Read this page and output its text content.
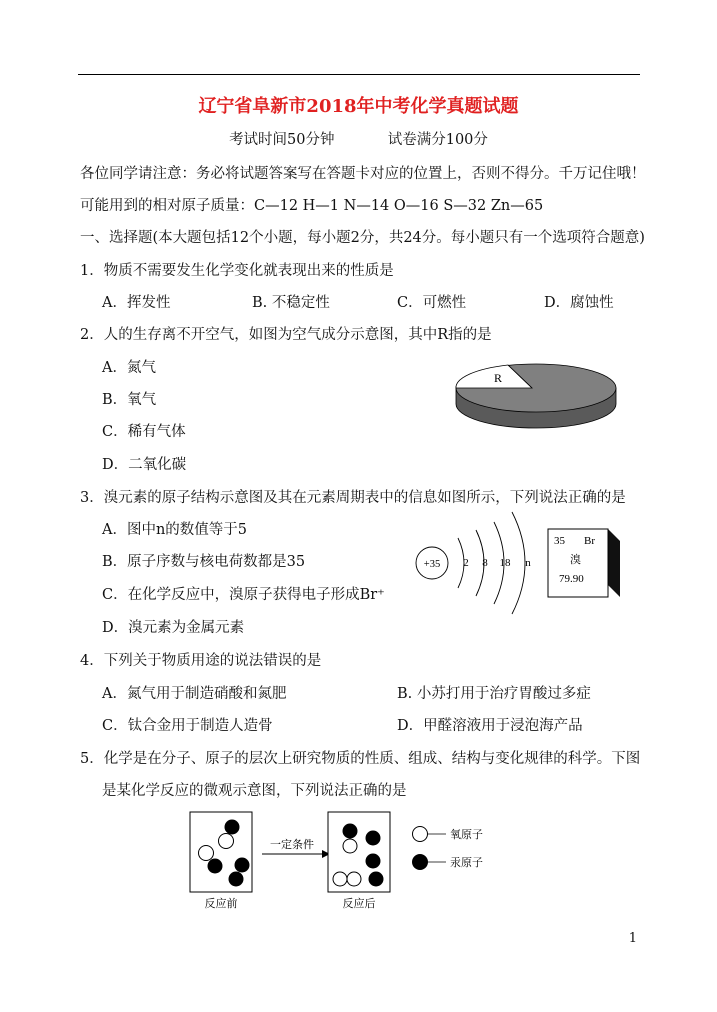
辽宁省阜新市2018年中考化学真题试题
考试时间50分钟	试卷满分100分
各位同学请注意：务必将试题答案写在答题卡对应的位置上，否则不得分。千万记住哦！
可能用到的相对原子质量：C—12 H—1 N—14 O—16 S—32 Zn—65
一、选择题(本大题包括12个小题，每小题2分，共24分。每小题只有一个选项符合题意)
1．物质不需要发生化学变化就表现出来的性质是
A．挥发性	B. 不稳定性	C．可燃性	D．腐蚀性
2．人的生存离不开空气，如图为空气成分示意图，其中R指的是
A．氮气
B．氧气
C．稀有气体
D．二氧化碳
R
3．溴元素的原子结构示意图及其在元素周期表中的信息如图所示，下列说法正确的是
A．图中n的数值等于5
B．原子序数与核电荷数都是35
C．在化学反应中，溴原子获得电子形成Br⁺
D．溴元素为金属元素
+35 2 8 18 n
35 Br
溴
79.90
4．下列关于物质用途的说法错误的是
A．氮气用于制造硝酸和氮肥	B. 小苏打用于治疗胃酸过多症
C．钛合金用于制造人造骨	D．甲醛溶液用于浸泡海产品
5．化学是在分子、原子的层次上研究物质的性质、组成、结构与变化规律的科学。下图
是某化学反应的微观示意图，下列说法正确的是
反应前
一定条件
反应后
氧原子
汞原子
1
